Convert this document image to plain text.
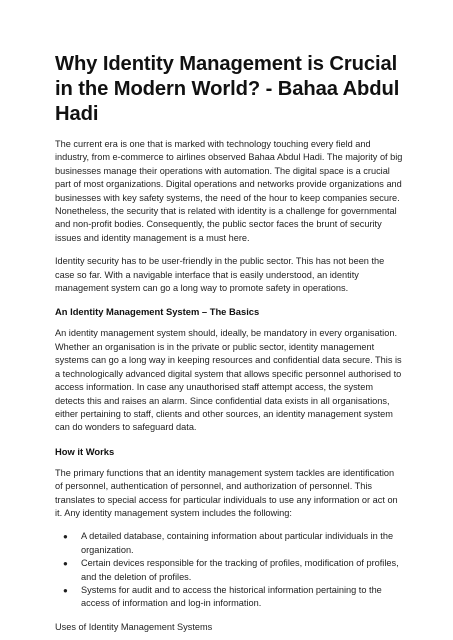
Why Identity Management is Crucial in the Modern World? - Bahaa Abdul Hadi

The current era is one that is marked with technology touching every field and industry, from e-commerce to airlines observed Bahaa Abdul Hadi. The majority of big businesses manage their operations with automation. The digital space is a crucial part of most organizations. Digital operations and networks provide organizations and businesses with key safety systems, the need of the hour to keep companies secure. Nonetheless, the security that is related with identity is a challenge for governmental and non-profit bodies. Consequently, the public sector faces the brunt of security issues and identity management is a must here.

Identity security has to be user-friendly in the public sector. This has not been the case so far. With a navigable interface that is easily understood, an identity management system can go a long way to promote safety in operations.

An Identity Management System – The Basics

An identity management system should, ideally, be mandatory in every organisation. Whether an organisation is in the private or public sector, identity management systems can go a long way in keeping resources and confidential data secure. This is a technologically advanced digital system that allows specific personnel authorised to access information. In case any unauthorised staff attempt access, the system detects this and raises an alarm. Since confidential data exists in all organisations, either pertaining to staff, clients and other sources, an identity management system can do wonders to safeguard data.

How it Works

The primary functions that an identity management system tackles are identification of personnel, authentication of personnel, and authorization of personnel. This translates to special access for particular individuals to use any information or act on it. Any identity management system includes the following:

● A detailed database, containing information about particular individuals in the organization.
● Certain devices responsible for the tracking of profiles, modification of profiles, and the deletion of profiles.
● Systems for audit and to access the historical information pertaining to the access of information and log-in information.

Uses of Identity Management Systems
